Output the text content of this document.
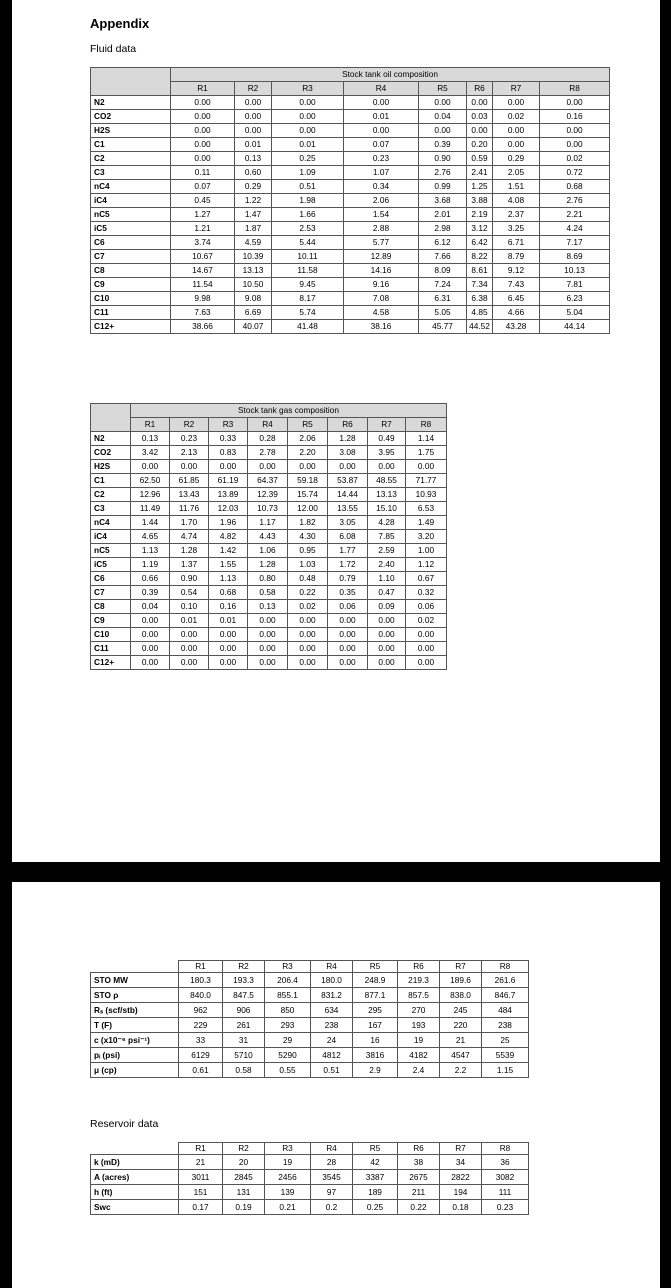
Appendix
Fluid data
	Stock tank oil composition							
	R1	R2	R3	R4	R5	R6	R7	R8
N2	0.00	0.00	0.00	0.00	0.00	0.00	0.00	0.00
CO2	0.00	0.00	0.00	0.01	0.04	0.03	0.02	0.16
H2S	0.00	0.00	0.00	0.00	0.00	0.00	0.00	0.00
C1	0.00	0.01	0.01	0.07	0.39	0.20	0.00	0.00
C2	0.00	0.13	0.25	0.23	0.90	0.59	0.29	0.02
C3	0.11	0.60	1.09	1.07	2.76	2.41	2.05	0.72
nC4	0.07	0.29	0.51	0.34	0.99	1.25	1.51	0.68
iC4	0.45	1.22	1.98	2.06	3.68	3.88	4.08	2.76
nC5	1.27	1.47	1.66	1.54	2.01	2.19	2.37	2.21
iC5	1.21	1.87	2.53	2.88	2.98	3.12	3.25	4.24
C6	3.74	4.59	5.44	5.77	6.12	6.42	6.71	7.17
C7	10.67	10.39	10.11	12.89	7.66	8.22	8.79	8.69
C8	14.67	13.13	11.58	14.16	8.09	8.61	9.12	10.13
C9	11.54	10.50	9.45	9.16	7.24	7.34	7.43	7.81
C10	9.98	9.08	8.17	7.08	6.31	6.38	6.45	6.23
C11	7.63	6.69	5.74	4.58	5.05	4.85	4.66	5.04
C12+	38.66	40.07	41.48	38.16	45.77	44.52	43.28	44.14
	Stock tank gas composition							
	R1	R2	R3	R4	R5	R6	R7	R8
N2	0.13	0.23	0.33	0.28	2.06	1.28	0.49	1.14
CO2	3.42	2.13	0.83	2.78	2.20	3.08	3.95	1.75
H2S	0.00	0.00	0.00	0.00	0.00	0.00	0.00	0.00
C1	62.50	61.85	61.19	64.37	59.18	53.87	48.55	71.77
C2	12.96	13.43	13.89	12.39	15.74	14.44	13.13	10.93
C3	11.49	11.76	12.03	10.73	12.00	13.55	15.10	6.53
nC4	1.44	1.70	1.96	1.17	1.82	3.05	4.28	1.49
iC4	4.65	4.74	4.82	4.43	4.30	6.08	7.85	3.20
nC5	1.13	1.28	1.42	1.06	0.95	1.77	2.59	1.00
iC5	1.19	1.37	1.55	1.28	1.03	1.72	2.40	1.12
C6	0.66	0.90	1.13	0.80	0.48	0.79	1.10	0.67
C7	0.39	0.54	0.68	0.58	0.22	0.35	0.47	0.32
C8	0.04	0.10	0.16	0.13	0.02	0.06	0.09	0.06
C9	0.00	0.01	0.01	0.00	0.00	0.00	0.00	0.02
C10	0.00	0.00	0.00	0.00	0.00	0.00	0.00	0.00
C11	0.00	0.00	0.00	0.00	0.00	0.00	0.00	0.00
C12+	0.00	0.00	0.00	0.00	0.00	0.00	0.00	0.00
	R1	R2	R3	R4	R5	R6	R7	R8
STO MW	180.3	193.3	206.4	180.0	248.9	219.3	189.6	261.6
STO ρ	840.0	847.5	855.1	831.2	877.1	857.5	838.0	846.7
Rₛ (scf/stb)	962	906	850	634	295	270	245	484
T (F)	229	261	293	238	167	193	220	238
c (x10⁻⁶ psi⁻¹)	33	31	29	24	16	19	21	25
pᵢ (psi)	6129	5710	5290	4812	3816	4182	4547	5539
μ (cp)	0.61	0.58	0.55	0.51	2.9	2.4	2.2	1.15
Reservoir data
	R1	R2	R3	R4	R5	R6	R7	R8
k (mD)	21	20	19	28	42	38	34	36
A (acres)	3011	2845	2456	3545	3387	2675	2822	3082
h (ft)	151	131	139	97	189	211	194	111
Swc	0.17	0.19	0.21	0.2	0.25	0.22	0.18	0.23
